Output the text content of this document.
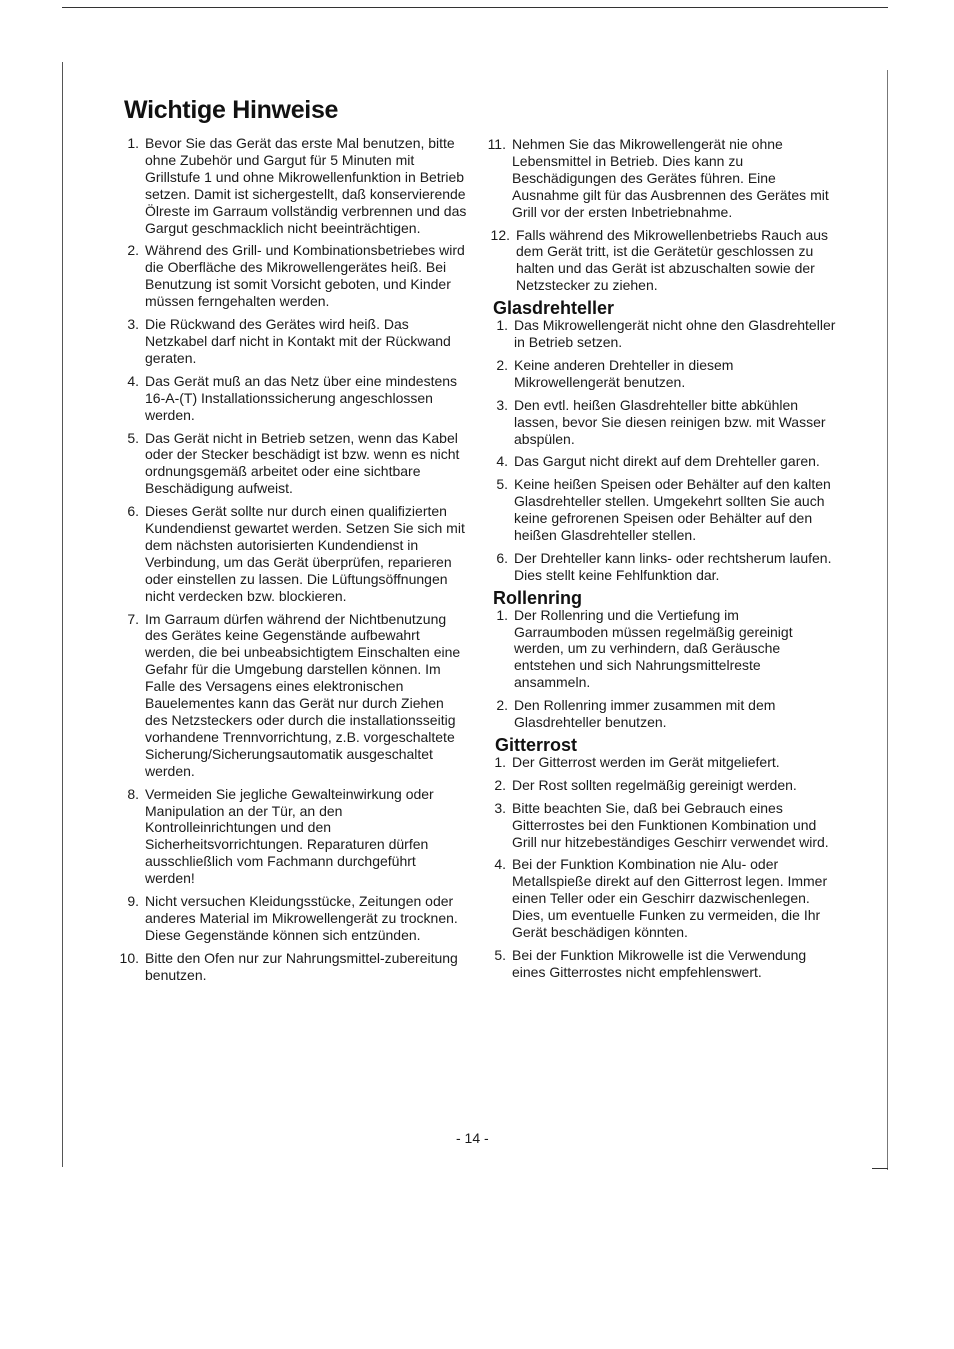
Wichtige Hinweise
1. Bevor Sie das Gerät das erste Mal benutzen, bitte ohne Zubehör und Gargut für 5 Minuten mit Grillstufe 1 und ohne Mikrowellenfunktion in Betrieb setzen. Damit ist sichergestellt, daß konservierende Ölreste im Garraum vollständig verbrennen und das Gargut geschmacklich nicht beeinträchtigen.
2. Während des Grill- und Kombinationsbetriebes wird die Oberfläche des Mikrowellengerätes heiß. Bei Benutzung ist somit Vorsicht geboten, und Kinder müssen ferngehalten werden.
3. Die Rückwand des Gerätes wird heiß. Das Netzkabel darf nicht in Kontakt mit der Rückwand geraten.
4. Das Gerät muß an das Netz über eine mindestens 16-A-(T) Installationssicherung angeschlossen werden.
5. Das Gerät nicht in Betrieb setzen, wenn das Kabel oder der Stecker beschädigt ist bzw. wenn es nicht ordnungsgemäß arbeitet oder eine sichtbare Beschädigung aufweist.
6. Dieses Gerät sollte nur durch einen qualifizierten Kundendienst gewartet werden. Setzen Sie sich mit dem nächsten autorisierten Kundendienst in Verbindung, um das Gerät überprüfen, reparieren oder einstellen zu lassen. Die Lüftungsöffnungen nicht verdecken bzw. blockieren.
7. Im Garraum dürfen während der Nichtbenutzung des Gerätes keine Gegenstände aufbewahrt werden, die bei unbeabsichtigtem Einschalten eine Gefahr für die Umgebung darstellen können. Im Falle des Versagens eines elektronischen Bauelementes kann das Gerät nur durch Ziehen des Netzsteckers oder durch die installationsseitig vorhandene Trennvorrichtung, z.B. vorgeschaltete Sicherung/Sicherungsautomatik ausgeschaltet werden.
8. Vermeiden Sie jegliche Gewalteinwirkung oder Manipulation an der Tür, an den Kontrolleinrichtungen und den Sicherheitsvorrichtungen. Reparaturen dürfen ausschließlich vom Fachmann durchgeführt werden!
9. Nicht versuchen Kleidungsstücke, Zeitungen oder anderes Material im Mikrowellengerät zu trocknen. Diese Gegenstände können sich entzünden.
10. Bitte den Ofen nur zur Nahrungsmittel-zubereitung benutzen.
11. Nehmen Sie das Mikrowellengerät nie ohne Lebensmittel in Betrieb. Dies kann zu Beschädigungen des Gerätes führen. Eine Ausnahme gilt für das Ausbrennen des Gerätes mit Grill vor der ersten Inbetriebnahme.
12. Falls während des Mikrowellenbetriebs Rauch aus dem Gerät tritt, ist die Gerätetür geschlossen zu halten und das Gerät ist abzuschalten sowie der Netzstecker zu ziehen.
Glasdrehteller
1. Das Mikrowellengerät nicht ohne den Glasdrehteller in Betrieb setzen.
2. Keine anderen Drehteller in diesem Mikrowellengerät benutzen.
3. Den evtl. heißen Glasdrehteller bitte abkühlen lassen, bevor Sie diesen reinigen bzw. mit Wasser abspülen.
4. Das Gargut nicht direkt auf dem Drehteller garen.
5. Keine heißen Speisen oder Behälter auf den kalten Glasdrehteller stellen. Umgekehrt sollten Sie auch keine gefrorenen Speisen oder Behälter auf den heißen Glasdrehteller stellen.
6. Der Drehteller kann links- oder rechtsherum laufen. Dies stellt keine Fehlfunktion dar.
Rollenring
1. Der Rollenring und die Vertiefung im Garraumboden müssen regelmäßig gereinigt werden, um zu verhindern, daß Geräusche entstehen und sich Nahrungsmittelreste ansammeln.
2. Den Rollenring immer zusammen mit dem Glasdrehteller benutzen.
Gitterrost
1. Der Gitterrost werden im Gerät mitgeliefert.
2. Der Rost sollten regelmäßig gereinigt werden.
3. Bitte beachten Sie, daß bei Gebrauch eines Gitterrostes bei den Funktionen Kombination und Grill nur hitzebeständiges Geschirr verwendet wird.
4. Bei der Funktion Kombination nie Alu- oder Metallspieße direkt auf den Gitterrost legen. Immer einen Teller oder ein Geschirr dazwischenlegen. Dies, um eventuelle Funken zu vermeiden, die Ihr Gerät beschädigen könnten.
5. Bei der Funktion Mikrowelle ist die Verwendung eines Gitterrostes nicht empfehlenswert.
- 14 -
